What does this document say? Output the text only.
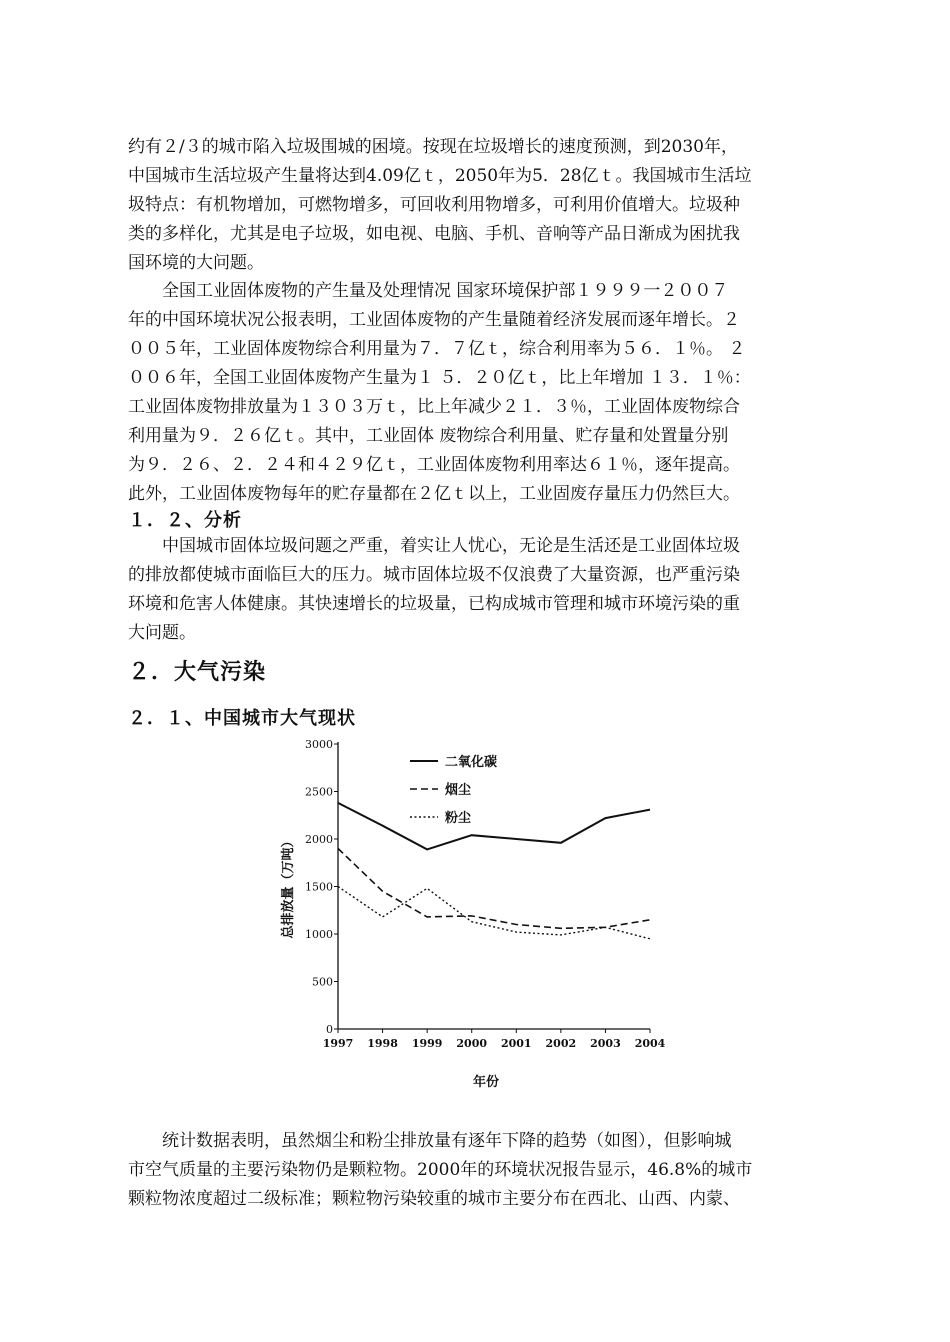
约有２/３的城市陷入垃圾围城的困境。按现在垃圾增长的速度预测，到2030年，
中国城市生活垃圾产生量将达到4.09亿ｔ，2050年为5．28亿ｔ。我国城市生活垃
圾特点：有机物增加，可燃物增多，可回收利用物增多，可利用价值增大。垃圾种
类的多样化，尤其是电子垃圾，如电视、电脑、手机、音响等产品日渐成为困扰我
国环境的大问题。

　　全国工业固体废物的产生量及处理情况 国家环境保护部１９９９一２００７
年的中国环境状况公报表明，工业固体废物的产生量随着经济发展而逐年增长。２
００５年，工业固体废物综合利用量为７．７亿ｔ，综合利用率为５６．１％。 ２
００６年，全国工业固体废物产生量为１ ５．２０亿ｔ，比上年增加 １３．１％：
工业固体废物排放量为１３０３万ｔ，比上年减少２１．３％，工业固体废物综合
利用量为９．２６亿ｔ。其中，工业固体 废物综合利用量、贮存量和处置量分别
为９．２６、２．２４和４２９亿ｔ，工业固体废物利用率达６１％，逐年提高。
此外，工业固体废物每年的贮存量都在２亿ｔ以上，工业固废存量压力仍然巨大。

１．２、分析

　　中国城市固体垃圾问题之严重，着实让人忧心，无论是生活还是工业固体垃圾
的排放都使城市面临巨大的压力。城市固体垃圾不仅浪费了大量资源，也严重污染
环境和危害人体健康。其快速增长的垃圾量，已构成城市管理和城市环境污染的重
大问题。

２．大气污染
２．１、中国城市大气现状
0
500
1000
1500
2000
2500
3000
1997 1998 1999 2000 2001 2002 2003 2004
总排放量（万吨）
年份
二氧化碳
烟尘
粉尘

　　统计数据表明，虽然烟尘和粉尘排放量有逐年下降的趋势（如图），但影响城
市空气质量的主要污染物仍是颗粒物。2000年的环境状况报告显示，46.8%的城市
颗粒物浓度超过二级标准；颗粒物污染较重的城市主要分布在西北、山西、内蒙、
